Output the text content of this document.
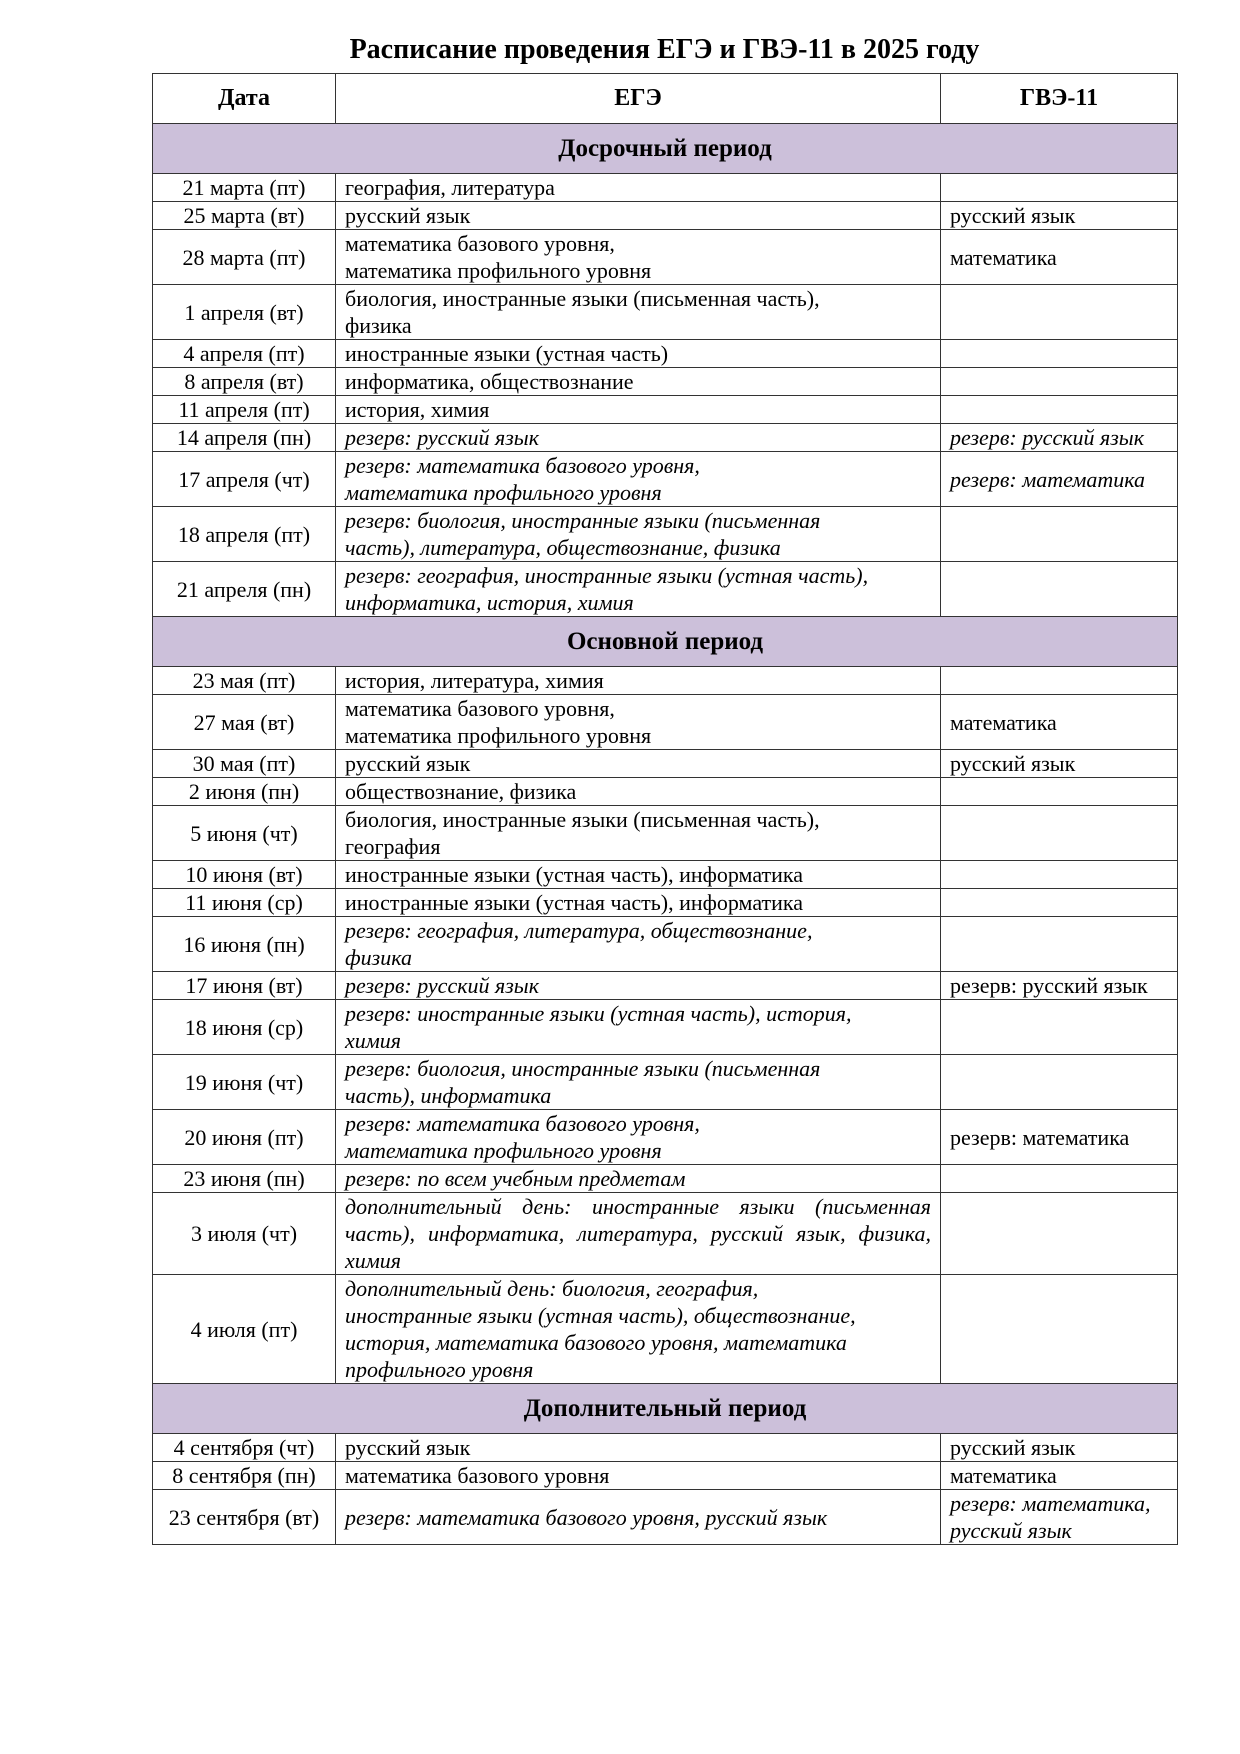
Расписание проведения ЕГЭ и ГВЭ-11 в 2025 году
Дата	ЕГЭ	ГВЭ-11
Досрочный период		
21 марта (пт)	география, литература	

25 марта (вт)	русский язык	русский язык

28 марта (пт)	математика базового уровня,
математика профильного уровня	математика

1 апреля (вт)	биология, иностранные языки (письменная часть),
физика	

4 апреля (пт)	иностранные языки (устная часть)	

8 апреля (вт)	информатика, обществознание	

11 апреля (пт)	история, химия	

14 апреля (пн)	резерв: русский язык	резерв: русский язык

17 апреля (чт)	резерв: математика базового уровня,
математика профильного уровня	резерв: математика

18 апреля (пт)	резерв: биология, иностранные языки (письменная
часть), литература, обществознание, физика	

21 апреля (пн)	резерв: география, иностранные языки (устная часть),
информатика, история, химия	

Основной период		
23 мая (пт)	история, литература, химия	

27 мая (вт)	математика базового уровня,
математика профильного уровня	математика

30 мая (пт)	русский язык	русский язык

2 июня (пн)	обществознание, физика	

5 июня (чт)	биология, иностранные языки (письменная часть),
география	

10 июня (вт)	иностранные языки (устная часть), информатика	

11 июня (ср)	иностранные языки (устная часть), информатика	

16 июня (пн)	резерв: география, литература, обществознание,
физика	

17 июня (вт)	резерв: русский язык	резерв: русский язык

18 июня (ср)	резерв: иностранные языки (устная часть), история,
химия	

19 июня (чт)	резерв: биология, иностранные языки (письменная
часть), информатика	

20 июня (пт)	резерв: математика базового уровня,
математика профильного уровня	резерв: математика

23 июня (пн)	резерв: по всем учебным предметам	

3 июля (чт)	дополнительный день: иностранные языки (письменная часть), информатика, литература, русский язык, физика, химия	

4 июля (пт)	дополнительный день: биология, география,
иностранные языки (устная часть), обществознание,
история, математика базового уровня, математика
профильного уровня	

Дополнительный период		
4 сентября (чт)	русский язык	русский язык

8 сентября (пн)	математика базового уровня	математика

23 сентября (вт)	резерв: математика базового уровня, русский язык	резерв: математика,
русский язык
